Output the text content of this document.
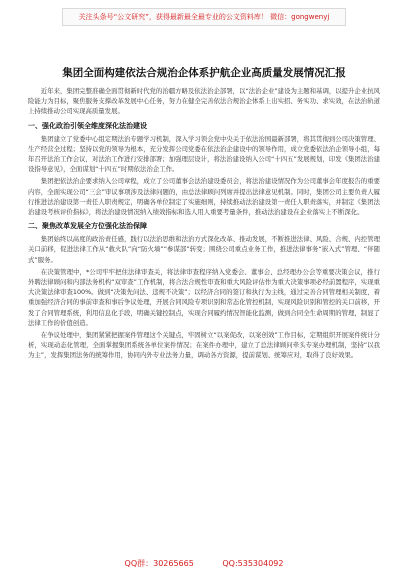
关注头条号“公文研究”，获得最新最全最专业的公文资料库！ 微信：gongwenyj
集团全面构建依法合规治企体系护航企业高质量发展情况汇报

近年来，集团完整准确全面贯彻新时代党的治疆方略及依法治企部署，以“法治企业”建设为主题和基调，以提升企业抗风险能力为目标，聚焦服务支撑改革发展中心任务，努力在健全完善依法合规治企体系上出实招、务实功、求实效，在法治轨道上持续推动公司实现高质量发展。

一、强化政治引领全维度深化法治建设

集团建立了党委中心组定期法治专题学习机制，深入学习领会党中央关于依法治国最新部署，将其贯彻到公司决策管理、生产经营全过程；坚持以党的领导为根本，充分发挥公司党委在依法治企建设中的领导作用，成立党委依法治企领导小组，每年召开法治工作会议，对法治工作进行安排部署；加强理层设计，将法治建设纳入公司“十四五”发展规划，印发《集团法治建设指导意见》，全面谋划“十四五”时期依法治企工作。

集团把依法治企要求纳入公司章程，成立了公司董事会法治建设委员会，将法治建设情况作为公司董事会年度报告的重要内容，全面实现公司“三会”审议事项涉及法律问题的，由总法律顾问列席并提出法律意见机制。同时，集团公司主要负责人履行推进法治建设第一责任人职责规定，明确各单位制定了实施细则，持续推动法治建设第一责任人职责落实，并制定《集团法治建设考核评价指标》，将法治建设情况纳入绩效指标和选人用人重要考量条件，推动法治建设在企业落实上不断深化。

二、聚焦改革发展全方位强化法治保障

集团始终以高度的政治责任感，践行以法治思维和法治方式深化改革、推动发展，不断推进法律、风险、合规、内控管理关口前移，促进法律工作从“救火队”向“防火墙”“参谋部”转变；围绕公司重点业务工作，推进法律事务“嵌入式”管理、“伴随式”服务。

在决策管理中，*公司牢牢把住法律审查关，将法律审查程序纳入党委会、董事会、总经理办公会等重要决策会议，推行外聘法律顾问和内部法务机构“双审查”工作机制，将合法合规性审查和重大风险评估作为重大决策事项必经前置程序，实现重大决策法律审查100%。做到“决策先问法、违规不决策”；以经济合同的签订和执行为主线，通过完善合同管理相关制度，着重加强经济合同的事前审查和事后争议处理，开展合同风险专项识别和常态化管控机制，实现风险识别和管控的关口前移，开发了合同管理系统，利用信息化手段，明确关键控制点，实现合同履约情况智能化监测，做到合同全生命周期的管理，制显了法律工作的价值创造。

在争议处理中，集团紧紧把握案件管理这个关键点，牢固树立“以案促改，以案创效”工作目标，定期组织开展案件统计分析，实现动态化管理，全面掌握集团系统各单位案件情况；在案件办理中，建立了总法律顾问牵头专案办理机制，坚持“以我为主”，发挥集团法务的统筹作用，协同内外专业法务力量，调动各方资源，提前谋划、统筹应对，取得了良好效果。

QQ群：30265665	QQ:535304092
